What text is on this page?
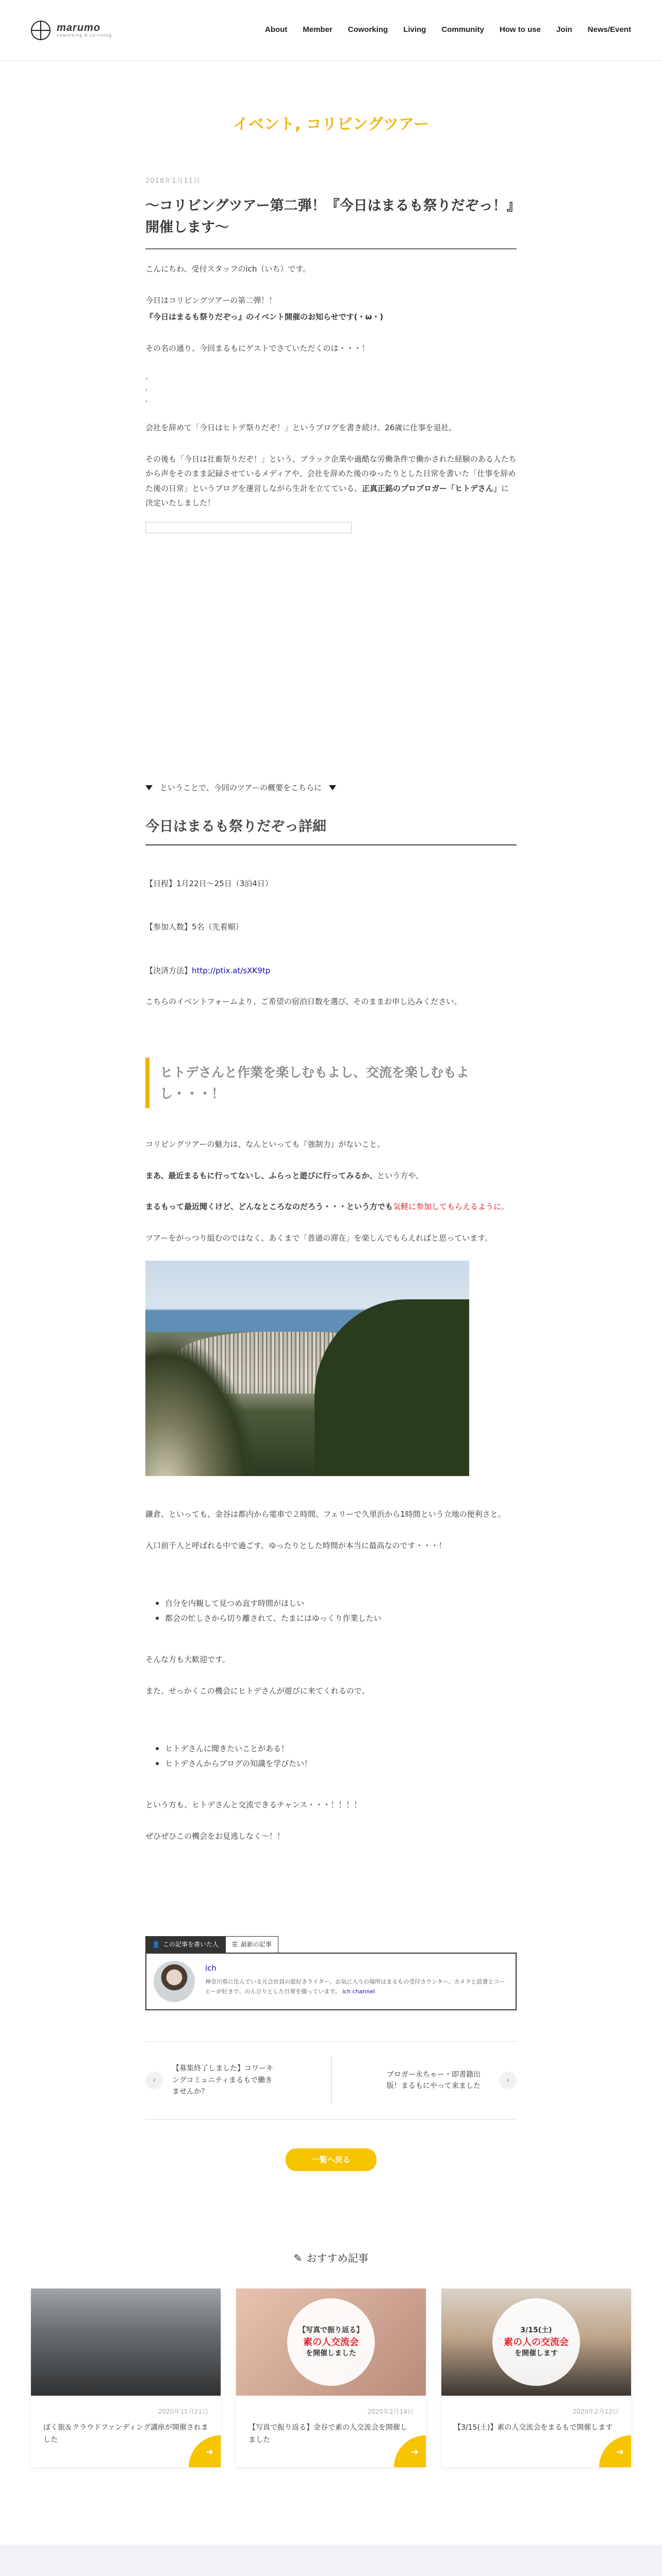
marumo
coworking & co-living
About Member Coworking Living Community How to use Join News/Event
イベント, コリビングツアー
2018年1月11日
〜コリビングツアー第二弾！『今日はまるも祭りだぞっ！』開催します〜

こんにちわ、受付スタッフのich（いち）です。

今日はコリビングツアーの第二弾！！

『今日はまるも祭りだぞっ』のイベント開催のお知らせです(・ω・)

その名の通り、今回まるもにゲストでさていただくのは・・・！

.

.

.

会社を辞めて「今日はヒトデ祭りだぞ！」というブログを書き続け、26歳に仕事を退社。

その後も「今日は社畜祭りだぞ！」という、ブラック企業や過酷な労働条件で働かされた経験のある人たちから声をそのまま記録させているメディアや、会社を辞めた後のゆったりとした日常を書いた「仕事を辞めた後の日常」というブログを運営しながら生計を立てている、正真正銘のプロブロガー「ヒトデさん」に決定いたしました！

ということで、今回のツアーの概要をこちらに
今日はまるも祭りだぞっ詳細

【日程】1月22日〜25日（3泊4日）

【参加人数】5名（先着順）

【決済方法】http://ptix.at/sXK9tp

こちらのイベントフォームより、ご希望の宿泊日数を選び、そのままお申し込みください。

ヒトデさんと作業を楽しむもよし、交流を楽しむもよし・・・！

コリビングツアーの魅力は、なんといっても『強制力』がないこと。

まあ、最近まるもに行ってないし、ふらっと遊びに行ってみるか、という方や、

まるもって最近聞くけど、どんなところなのだろう・・・という方でも気軽に参加してもらえるように。

ツアーをがっつり組むのではなく、あくまで「普通の滞在」を楽しんでもらえればと思っています。

鎌倉、といっても、金谷は都内から電車で２時間、フェリーで久里浜から1時間という立地の便利さと。

入口前千人と呼ばれる中で過ごす、ゆったりとした時間が本当に最高なのです・・・！

自分を内観して見つめ直す時間がほしい
都会の忙しさから切り離されて、たまにはゆっくり作業したい

そんな方も大歓迎です。

また、せっかくこの機会にヒトデさんが遊びに来てくれるので、

ヒトデさんに聞きたいことがある！
ヒトデさんからブログの知識を学びたい！

という方も、ヒトデさんと交流できるチャンス・・・！！！！

ぜひぜひこの機会をお見逃しなく〜！！

👤 この記事を書いた人 ☰ 最新の記事
ich
神奈川県に住んでいる元会社員の旅好きライター。お気に入りの場所はまるもの受付カウンター。カメラと読書とコーヒーが好きで、のんびりとした日常を綴っています。 ich channel
‹
【募集終了しました】コワーキングコミュニティまるもで働きませんか？
ブロガー永ちゃー・即書籍出版！まるもにやって来ました
›
一覧へ戻る
✎ おすすめ記事
2020年11月21日
ぼく旅＆クラウドファンディング講座が開催されました
➜
【写真で振り返る】
素の人交流会
を開催しました
2020年2月14日
【写真で振り返る】金谷で素の人交流会を開催しました
➜
3/15(土)
素の人の交流会
を開催します
2020年2月12日
【3/15(土)】素の人交流会をまるもで開催します
➜
